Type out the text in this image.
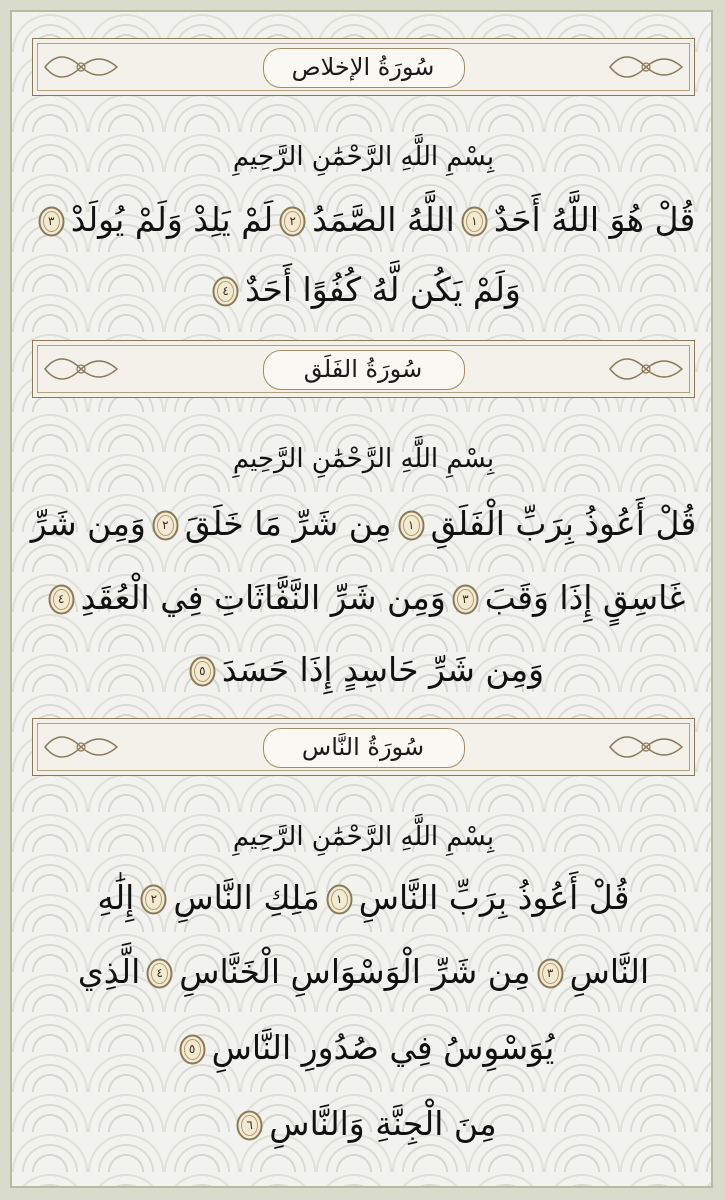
سُورَةُ الإخلاص
بِسْمِ اللَّهِ الرَّحْمَٰنِ الرَّحِيمِ
قُلْ هُوَ اللَّهُ أَحَدٌ
١
اللَّهُ الصَّمَدُ
٢
لَمْ يَلِدْ وَلَمْ يُولَدْ
٣
وَلَمْ يَكُن لَّهُ كُفُوًا أَحَدٌ
٤
سُورَةُ الفَلَق
بِسْمِ اللَّهِ الرَّحْمَٰنِ الرَّحِيمِ
قُلْ أَعُوذُ بِرَبِّ الْفَلَقِ
١
مِن شَرِّ مَا خَلَقَ
٢
وَمِن شَرِّ
غَاسِقٍ إِذَا وَقَبَ
٣
وَمِن شَرِّ النَّفَّاثَاتِ فِي الْعُقَدِ
٤
وَمِن شَرِّ حَاسِدٍ إِذَا حَسَدَ
٥
سُورَةُ النَّاس
بِسْمِ اللَّهِ الرَّحْمَٰنِ الرَّحِيمِ
قُلْ أَعُوذُ بِرَبِّ النَّاسِ
١
مَلِكِ النَّاسِ
٢
إِلَٰهِ
النَّاسِ
٣
مِن شَرِّ الْوَسْوَاسِ الْخَنَّاسِ
٤
الَّذِي
يُوَسْوِسُ فِي صُدُورِ النَّاسِ
٥
مِنَ الْجِنَّةِ وَالنَّاسِ
٦
